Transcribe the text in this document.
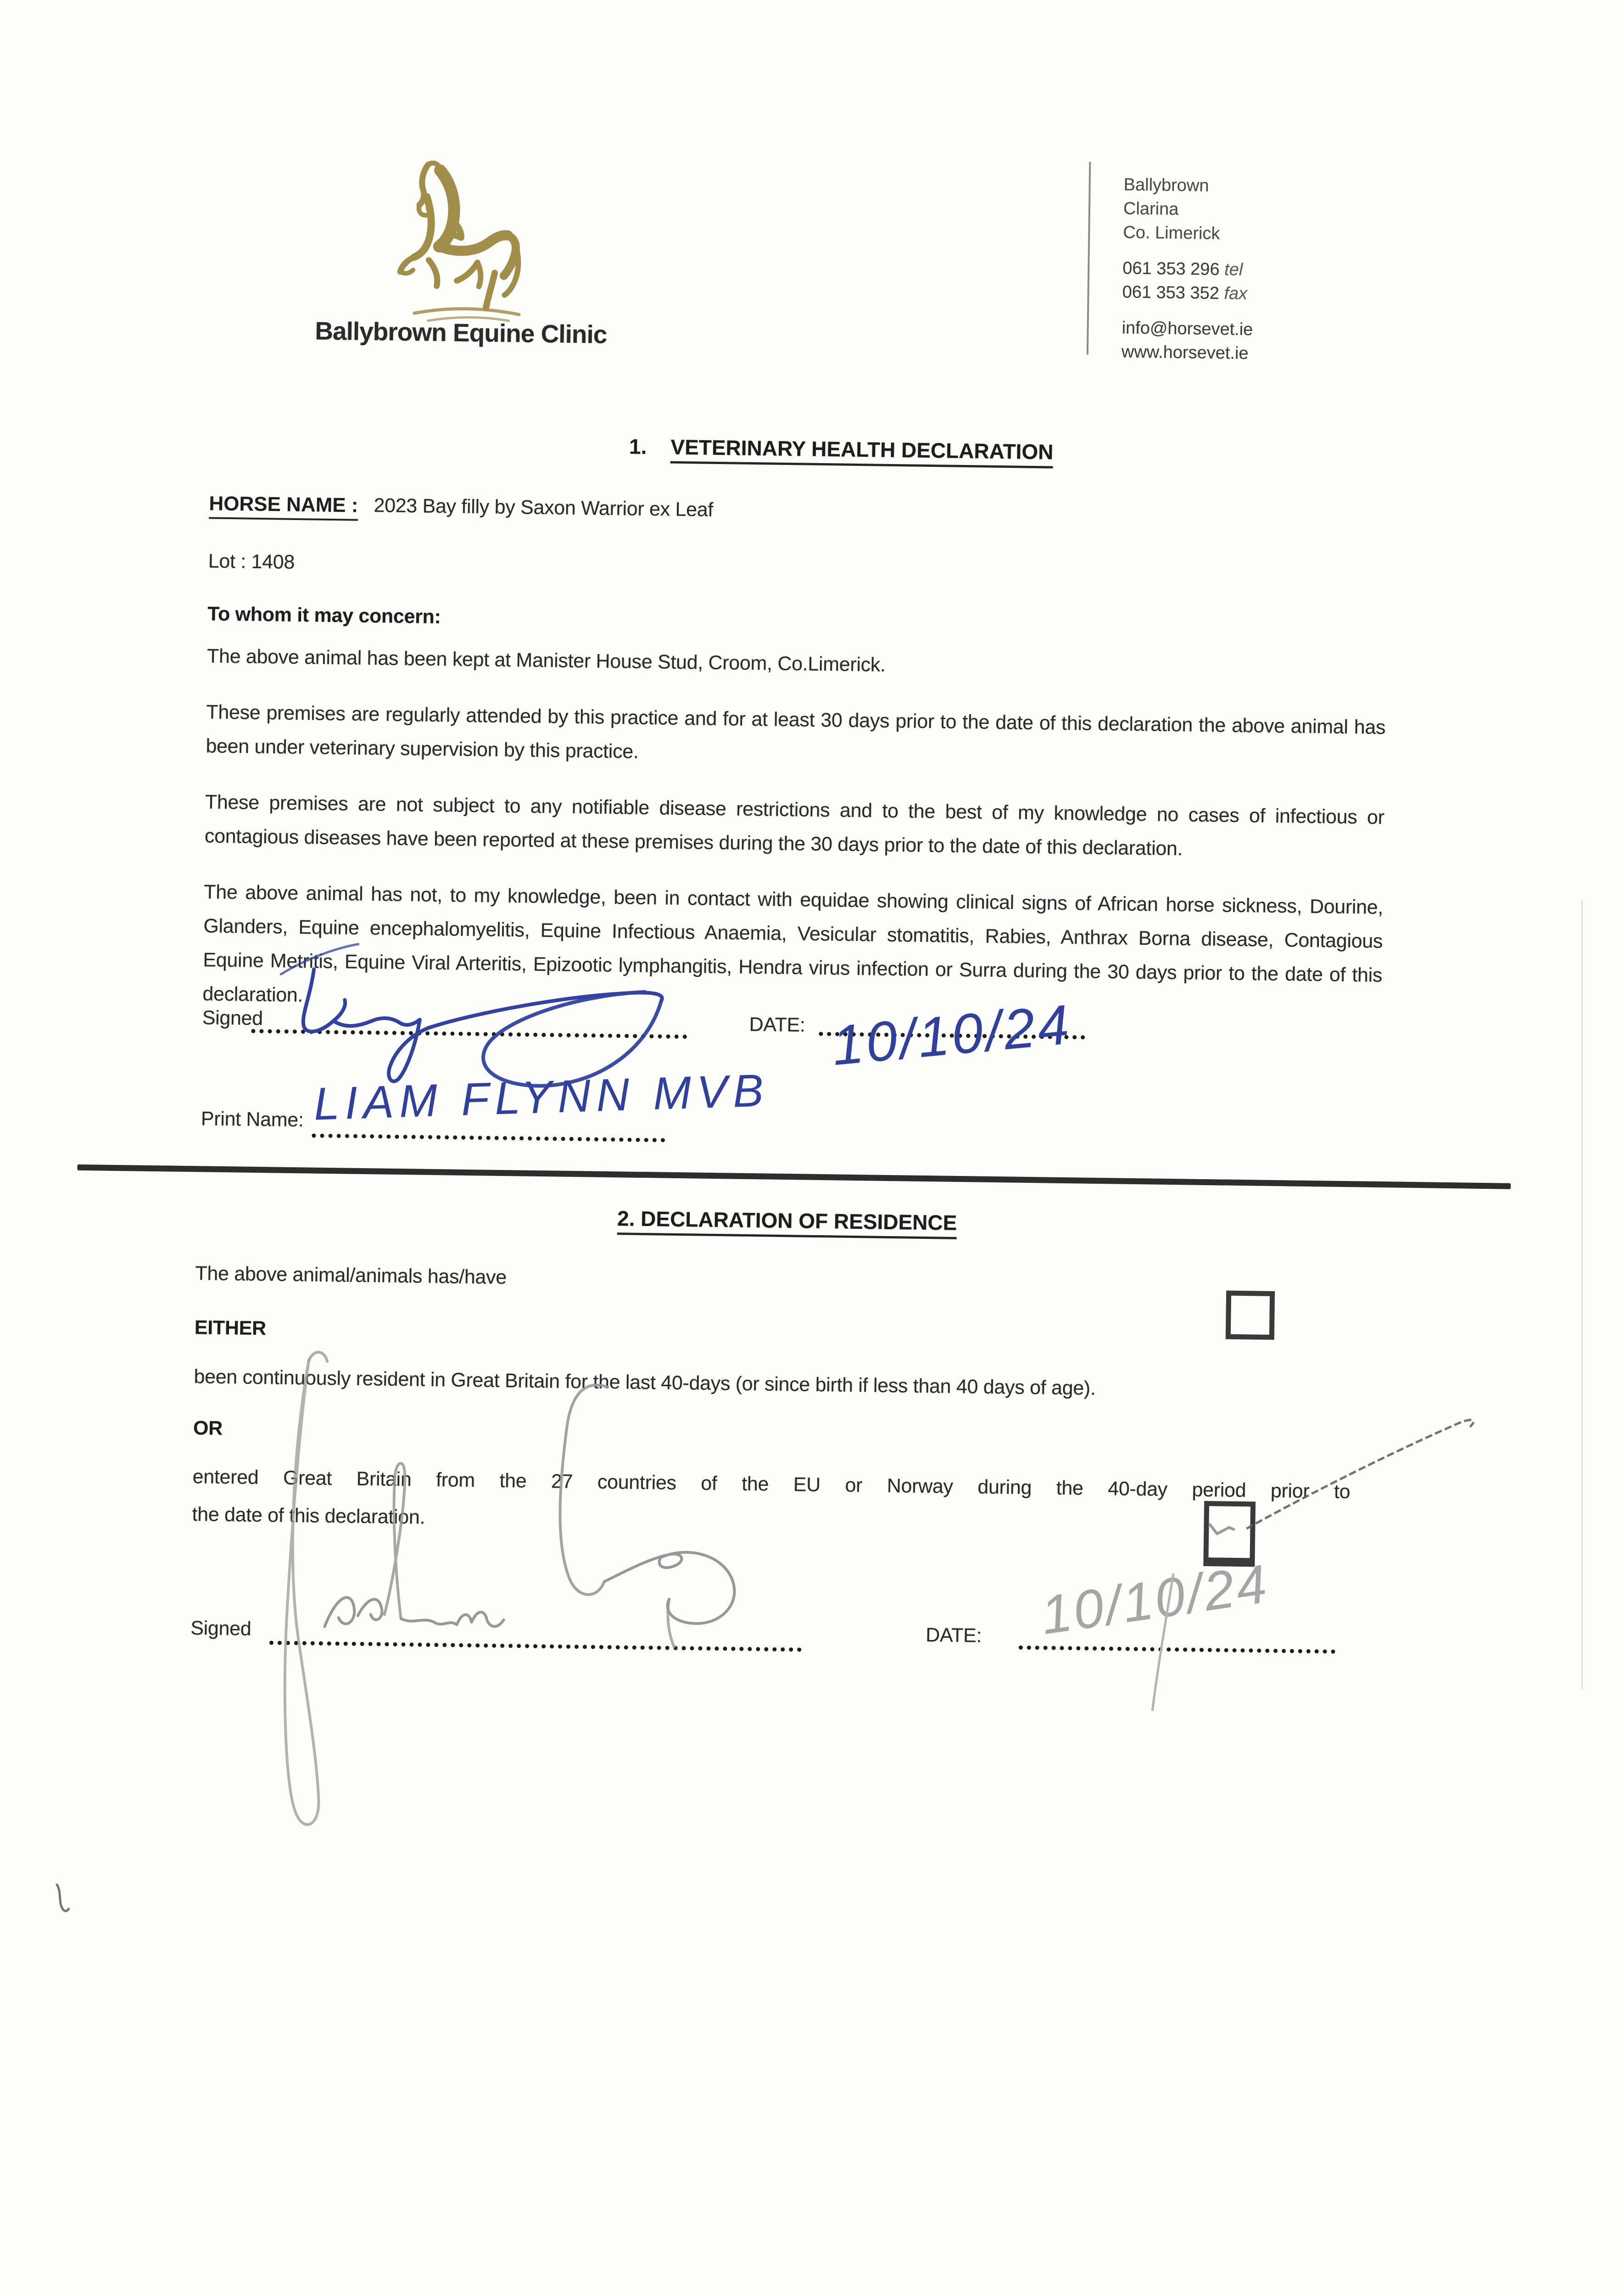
Ballybrown Equine Clinic
Ballybrown
Clarina
Co. Limerick
061 353 296 tel
061 353 352 fax
info@horsevet.ie
www.horsevet.ie
1. VETERINARY HEALTH DECLARATION
HORSE NAME : 2023 Bay filly by Saxon Warrior ex Leaf
Lot : 1408
To whom it may concern:

The above animal has been kept at Manister House Stud, Croom, Co.Limerick.

These premises are regularly attended by this practice and for at least 30 days prior to the date of this declaration the above animal has been under veterinary supervision by this practice.

These premises are not subject to any notifiable disease restrictions and to the best of my knowledge no cases of infectious or contagious diseases have been reported at these premises during the 30 days prior to the date of this declaration.

The above animal has not, to my knowledge, been in contact with equidae showing clinical signs of African horse sickness, Dourine, Glanders, Equine encephalomyelitis, Equine Infectious Anaemia, Vesicular stomatitis, Rabies, Anthrax Borna disease, Contagious Equine Metritis, Equine Viral Arteritis, Epizootic lymphangitis, Hendra virus infection or Surra during the 30 days prior to the date of this declaration.

Signed	DATE:
Print Name:
2. DECLARATION OF RESIDENCE
The above animal/animals has/have
EITHER
been continuously resident in Great Britain for the last 40-days (or since birth if less than 40 days of age).
OR
entered Great Britain from the 27 countries of the EU or Norway during the 40-day period prior to
the date of this declaration.
Signed	DATE:
10/10/24
LIAM FLYNN MVB
10/10/24
